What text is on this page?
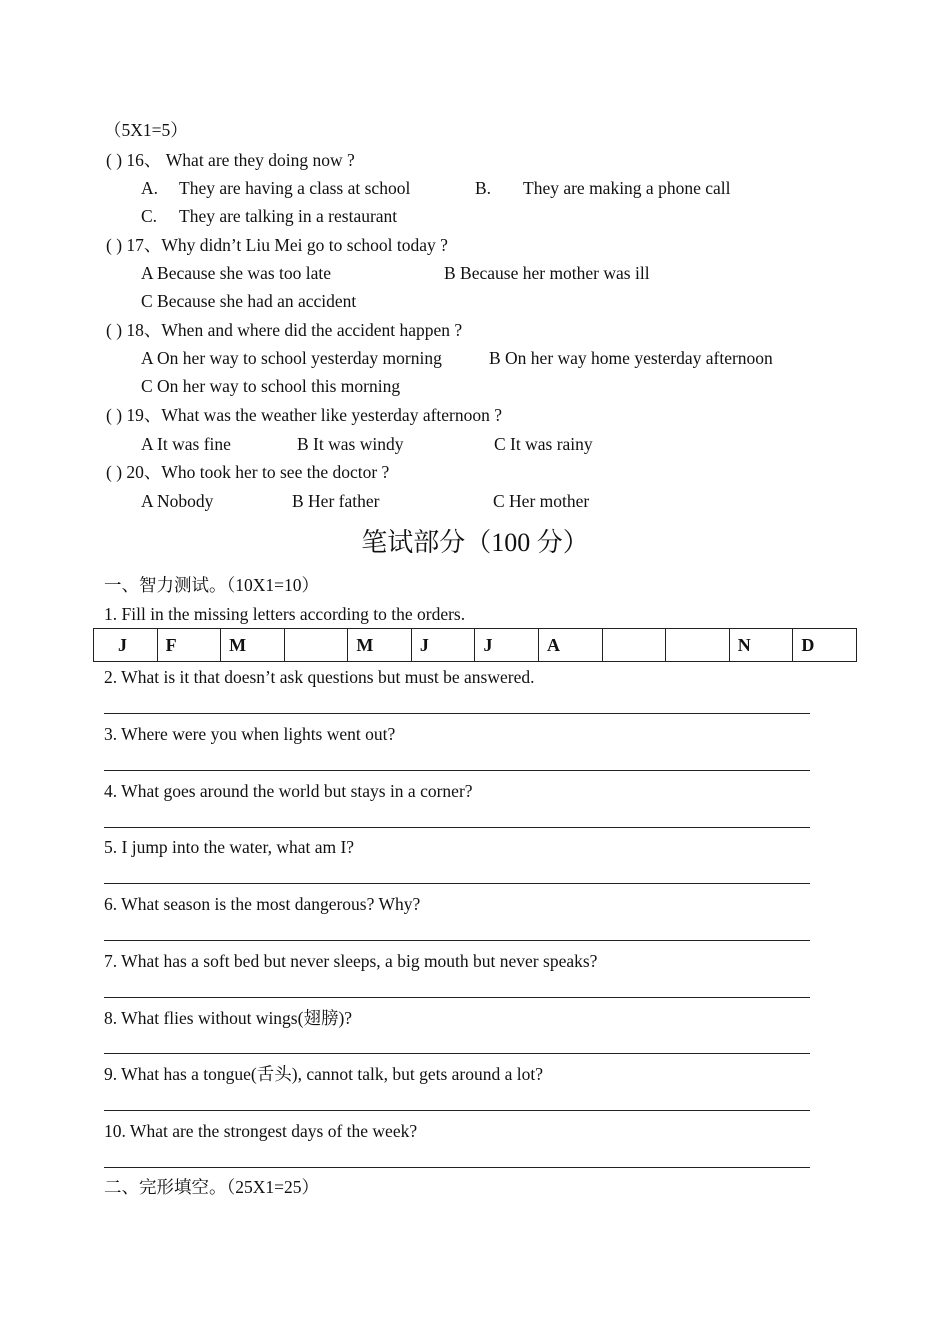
（5X1=5）
( ) 16、 What are they doing now ?
A. They are having a class at school	B. They are making a phone call
C. They are talking in a restaurant
( ) 17、Why didn’t Liu Mei go to school today ?
A Because she was too late	B Because her mother was ill
C Because she had an accident
( ) 18、When and where did the accident happen ?
A On her way to school yesterday morning	B On her way home yesterday afternoon
C On her way to school this morning
( ) 19、What was the weather like yesterday afternoon ?
A It was fine	B It was windy	C It was rainy
( ) 20、Who took her to see the doctor ?
A Nobody	B Her father	C Her mother
笔试部分（100 分）
一、智力测试。（10X1=10）
1. Fill in the missing letters according to the orders.
J	F	M		M	J	J	A			N	D
2. What is it that doesn’t ask questions but must be answered.
3. Where were you when lights went out?
4. What goes around the world but stays in a corner?
5. I jump into the water, what am I?
6. What season is the most dangerous? Why?
7. What has a soft bed but never sleeps, a big mouth but never speaks?
8. What flies without wings(翅膀)?
9. What has a tongue(舌头), cannot talk, but gets around a lot?
10. What are the strongest days of the week?
二、完形填空。（25X1=25）
